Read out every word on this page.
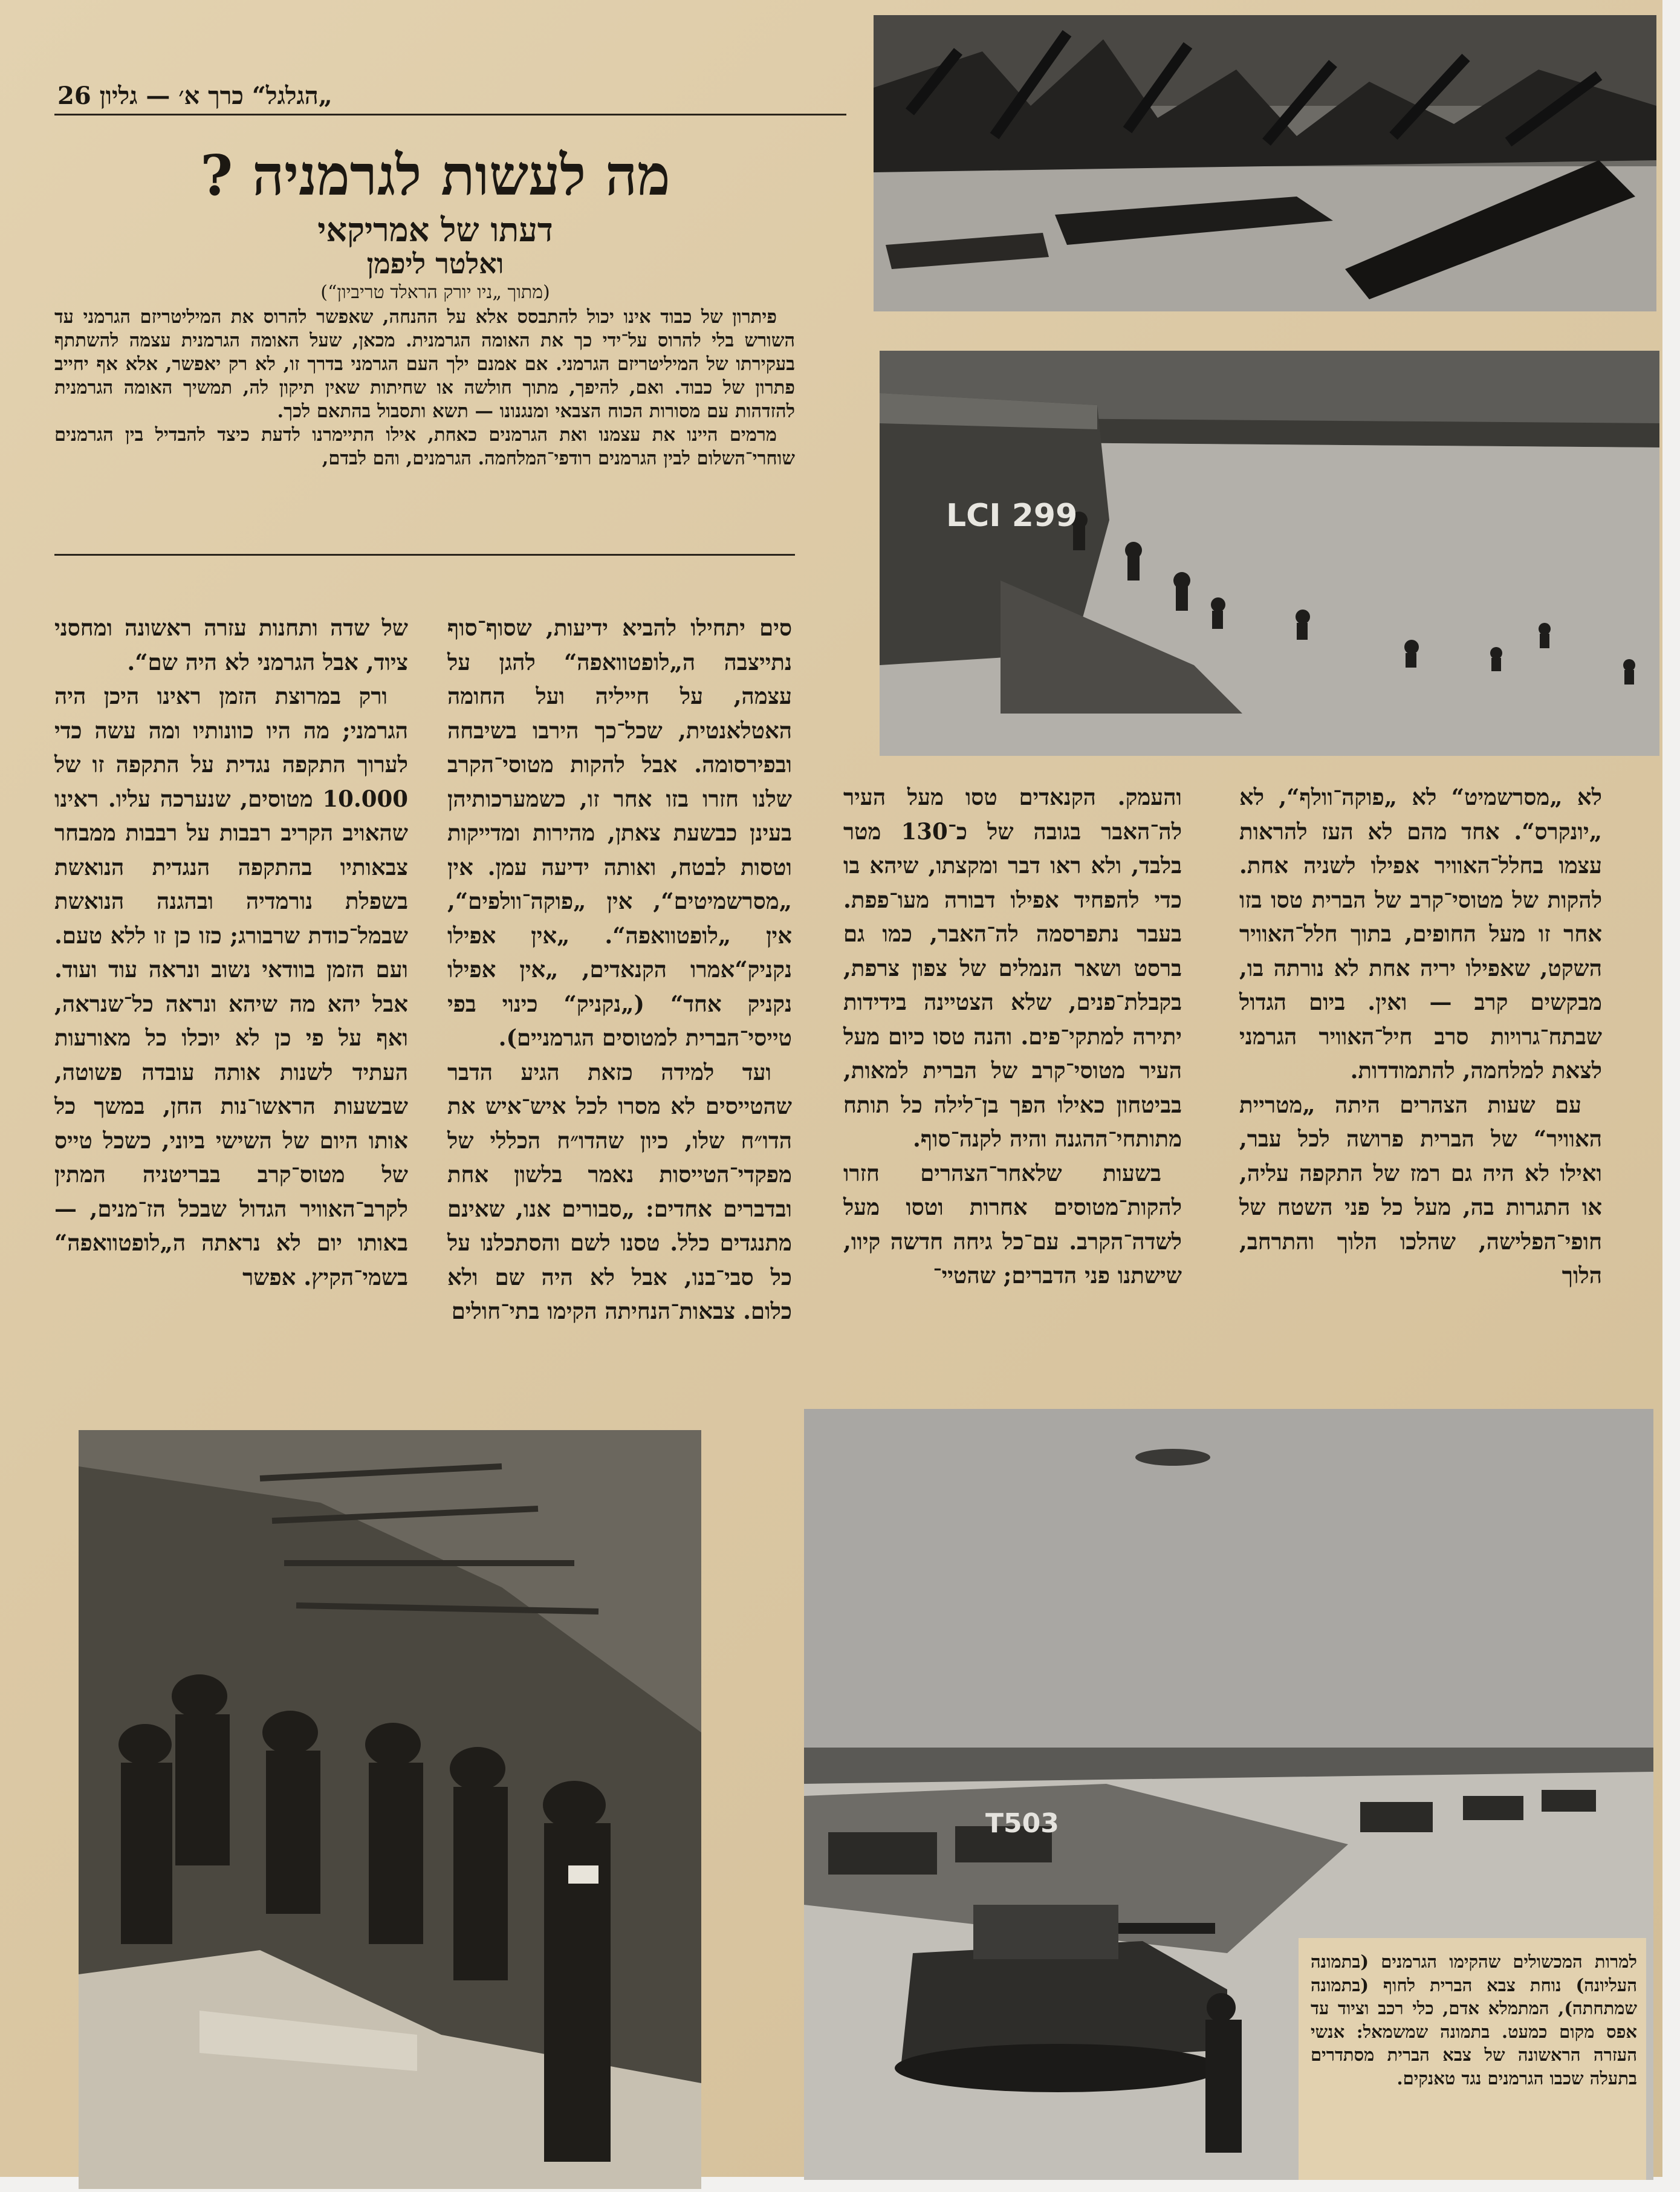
„הגלגל“ כרך א׳ — גליון 26
מה לעשות לגרמניה ?
דעתו של אמריקאי
ואלטר ליפמן
(מתוך „ניו יורק הראלד טריביון“)

פיתרון של כבוד אינו יכול להתבסס אלא על ההנחה, שאפשר להרוס את המיליטריזם הגרמני עד השורש בלי להרוס על־ידי כך את האומה הגרמנית. מכאן, שעל האומה הגרמנית עצמה להשתתף בעקירתו של המיליטריזם הגרמני. אם אמנם ילך העם הגרמני בדרך זו, לא רק יאפשר, אלא אף יחייב פתרון של כבוד. ואם, להיפך, מתוך חולשה או שחיתות שאין תיקון לה, תמשיך האומה הגרמנית להזדהות עם מסורות הכוח הצבאי ומנגנונו — תשא ותסבול בהתאם לכך.

מרמים היינו את עצמנו ואת הגרמנים כאחת, אילו התיימרנו לדעת כיצד להבדיל בין הגרמנים שוחרי־השלום לבין הגרמנים רודפי־המלחמה. הגרמנים, והם לבדם,

LCI 299
T503
למרות המכשולים שהקימו הגרמנים (בתמונה העליונה) נוחת צבא הברית לחוף (בתמונה שמתחתה), המתמלא אדם, כלי רכב וציוד עד אפס מקום כמעט. בתמונה שמשמאל: אנשי העזרה הראשונה של צבא הברית מסתדרים בתעלה שכבו הגרמנים נגד טאנקים.

לא „מסרשמיט“ לא „פוקה־וולף“, לא „יונקרס“. אחד מהם לא העז להראות עצמו בחלל־האוויר אפילו לשניה אחת. להקות של מטוסי־קרב של הברית טסו בזו אחר זו מעל החופים, בתוך חלל־האוויר השקט, שאפילו יריה אחת לא נורתה בו, מבקשים קרב — ואין. ביום הגדול שבתח־גרויות סרב חיל־האוויר הגרמני לצאת למלחמה, להתמודדות.

עם שעות הצהרים היתה „מטריית האוויר“ של הברית פרושה לכל עבר, ואילו לא היה גם רמז של התקפה עליה, או התגרות בה, מעל כל פני השטח של חופי־הפלישה, שהלכו הלוך והתרחב, הלוך

והעמק. הקנאדים טסו מעל העיר לה־האבר בגובה של כ־130 מטר בלבד, ולא ראו דבר ומקצתו, שיהא בו כדי להפחיד אפילו דבורה מעו־פפת. בעבר נתפרסמה לה־האבר, כמו גם ברסט ושאר הנמלים של צפון צרפת, בקבלת־פנים, שלא הצטיינה בידידות יתירה למתקי־פים. והנה טסו כיום מעל העיר מטוסי־קרב של הברית למאות, בביטחון כאילו הפך בן־לילה כל תותח מתותחי־ההגנה והיה לקנה־סוף.

בשעות שלאחר־הצהרים חזרו להקות־מטוסים אחרות וטסו מעל לשדה־הקרב. עם־כל גיחה חדשה קיוו, שישתנו פני הדברים; שהטיי־

סים יתחילו להביא ידיעות, שסוף־סוף נתייצבה ה„לופטוואפה“ להגן על עצמה, על חייליה ועל החומה האטלאנטית, שכל־כך הירבו בשיבחה ובפירסומה. אבל להקות מטוסי־הקרב שלנו חזרו בזו אחר זו, כשמערכותיהן בעינן כבשעת צאתן, מהירות ומדייקות וטסות לבטח, ואותה ידיעה עמן. אין „מסרשמיטים“, אין „פוקה־וולפים“, אין „לופטוואפה“. „אין אפילו נקניק“אמרו הקנאדים, „אין אפילו נקניק אחד“ („נקניק“ כינוי בפי טייסי־הברית למטוסים הגרמניים).

ועד למידה כזאת הגיע הדבר שהטייסים לא מסרו לכל איש־איש את הדו״ח שלו, כיון שהדו״ח הכללי של מפקדי־הטייסות נאמר בלשון אחת ובדברים אחדים: „סבורים אנו, שאינם מתנגדים כלל. טסנו לשם והסתכלנו על כל סבי־בנו, אבל לא היה שם ולא כלום. צבאות־הנחיתה הקימו בתי־חולים

של שדה ותחנות עזרה ראשונה ומחסני ציוד, אבל הגרמני לא היה שם“.

ורק במרוצת הזמן ראינו היכן היה הגרמני; מה היו כוונותיו ומה עשה כדי לערוך התקפה נגדית על התקפה זו של 10.000 מטוסים, שנערכה עליו. ראינו שהאויב הקריב רבבות על רבבות ממבחר צבאותיו בהתקפה הנגדית הנואשת בשפלת נורמדיה ובהגנה הנואשת שבמל־כודת שרבורג; כזו כן זו ללא טעם. ועם הזמן בוודאי נשוב ונראה עוד ועוד. אבל יהא מה שיהא ונראה כל־שנראה, ואף על פי כן לא יוכלו כל מאורעות העתיד לשנות אותה עובדה פשוטה, שבשעות הראשו־נות החן, במשך כל אותו היום של השישי ביוני, כשכל טייס של מטוס־קרב בבריטניה המתין לקרב־האוויר הגדול שבכל הז־מנים, — באותו יום לא נראתה ה„לופטוואפה“ בשמי־הקיץ. אפשר
